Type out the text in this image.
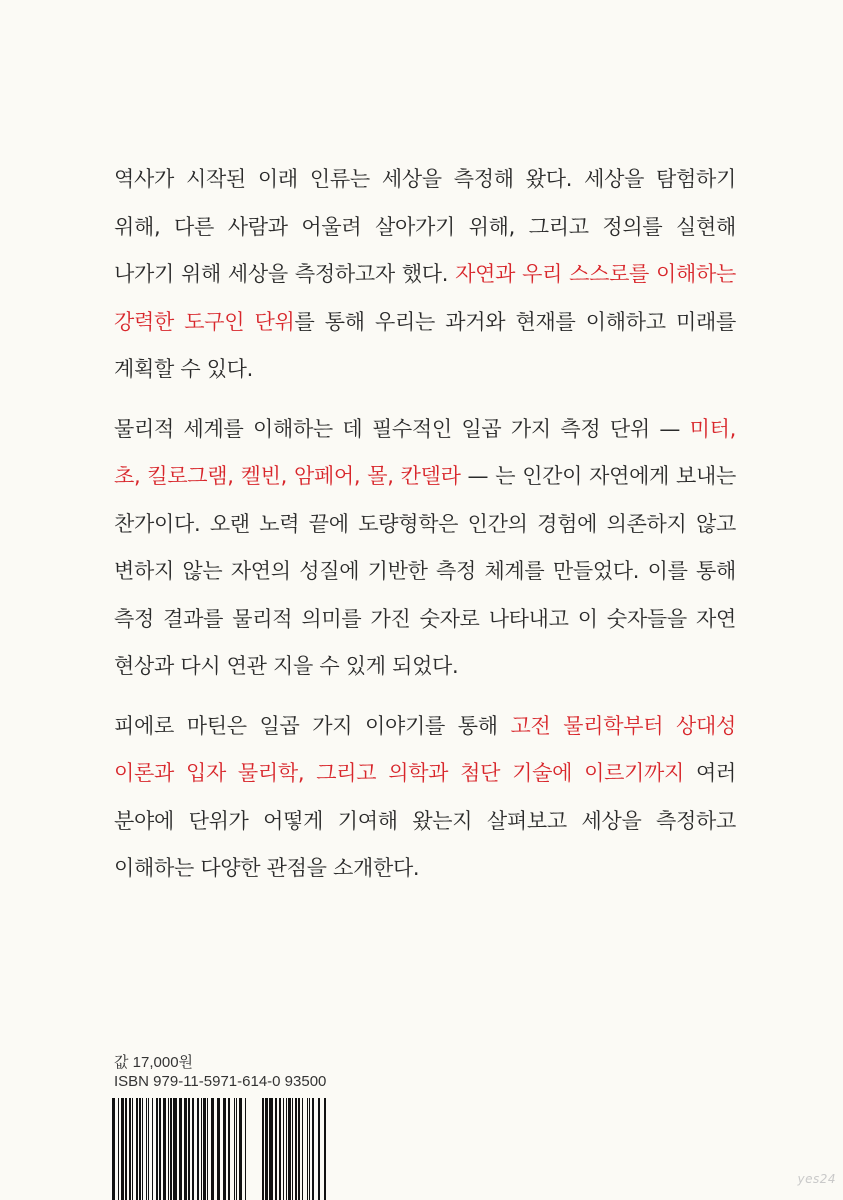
역사가 시작된 이래 인류는 세상을 측정해 왔다. 세상을 탐험하기 위해, 다른 사람과 어울려 살아가기 위해, 그리고 정의를 실현해 나가기 위해 세상을 측정하고자 했다. 자연과 우리 스스로를 이해하는 강력한 도구인 단위를 통해 우리는 과거와 현재를 이해하고 미래를 계획할 수 있다.

물리적 세계를 이해하는 데 필수적인 일곱 가지 측정 단위 — 미터, 초, 킬로그램, 켈빈, 암페어, 몰, 칸델라 — 는 인간이 자연에게 보내는 찬가이다. 오랜 노력 끝에 도량형학은 인간의 경험에 의존하지 않고 변하지 않는 자연의 성질에 기반한 측정 체계를 만들었다. 이를 통해 측정 결과를 물리적 의미를 가진 숫자로 나타내고 이 숫자들을 자연 현상과 다시 연관 지을 수 있게 되었다.

피에로 마틴은 일곱 가지 이야기를 통해 고전 물리학부터 상대성 이론과 입자 물리학, 그리고 의학과 첨단 기술에 이르기까지 여러 분야에 단위가 어떻게 기여해 왔는지 살펴보고 세상을 측정하고 이해하는 다양한 관점을 소개한다.

값 17,000원
ISBN 979-11-5971-614-0 93500
yes24
